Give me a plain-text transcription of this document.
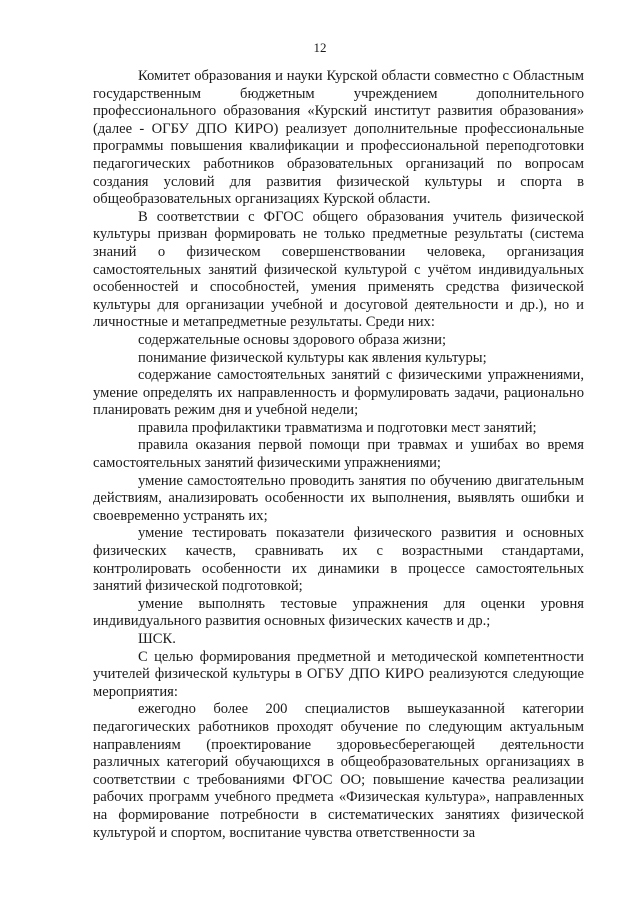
12

Комитет образования и науки Курской области совместно с Областным государственным бюджетным учреждением дополнительного профессионального образования «Курский институт развития образования» (далее - ОГБУ ДПО КИРО) реализует дополнительные профессиональные программы повышения квалификации и профессиональной переподготовки педагогических работников образовательных организаций по вопросам создания условий для развития физической культуры и спорта в общеобразовательных организациях Курской области.

В соответствии с ФГОС общего образования учитель физической культуры призван формировать не только предметные результаты (система знаний о физическом совершенствовании человека, организация самостоятельных занятий физической культурой с учётом индивидуальных особенностей и способностей, умения применять средства физической культуры для организации учебной и досуговой деятельности и др.), но и личностные и метапредметные результаты. Среди них:

содержательные основы здорового образа жизни;

понимание физической культуры как явления культуры;

содержание самостоятельных занятий с физическими упражнениями, умение определять их направленность и формулировать задачи, рационально планировать режим дня и учебной недели;

правила профилактики травматизма и подготовки мест занятий;

правила оказания первой помощи при травмах и ушибах во время самостоятельных занятий физическими упражнениями;

умение самостоятельно проводить занятия по обучению двигательным действиям, анализировать особенности их выполнения, выявлять ошибки и своевременно устранять их;

умение тестировать показатели физического развития и основных физических качеств, сравнивать их с возрастными стандартами, контролировать особенности их динамики в процессе самостоятельных занятий физической подготовкой;

умение выполнять тестовые упражнения для оценки уровня индивидуального развития основных физических качеств и др.;

ШСК.

С целью формирования предметной и методической компетентности учителей физической культуры в ОГБУ ДПО КИРО реализуются следующие мероприятия:

ежегодно более 200 специалистов вышеуказанной категории педагогических работников проходят обучение по следующим актуальным направлениям (проектирование здоровьесберегающей деятельности различных категорий обучающихся в общеобразовательных организациях в соответствии с требованиями ФГОС ОО; повышение качества реализации рабочих программ учебного предмета «Физическая культура», направленных на формирование потребности в систематических занятиях физической культурой и спортом, воспитание чувства ответственности за
